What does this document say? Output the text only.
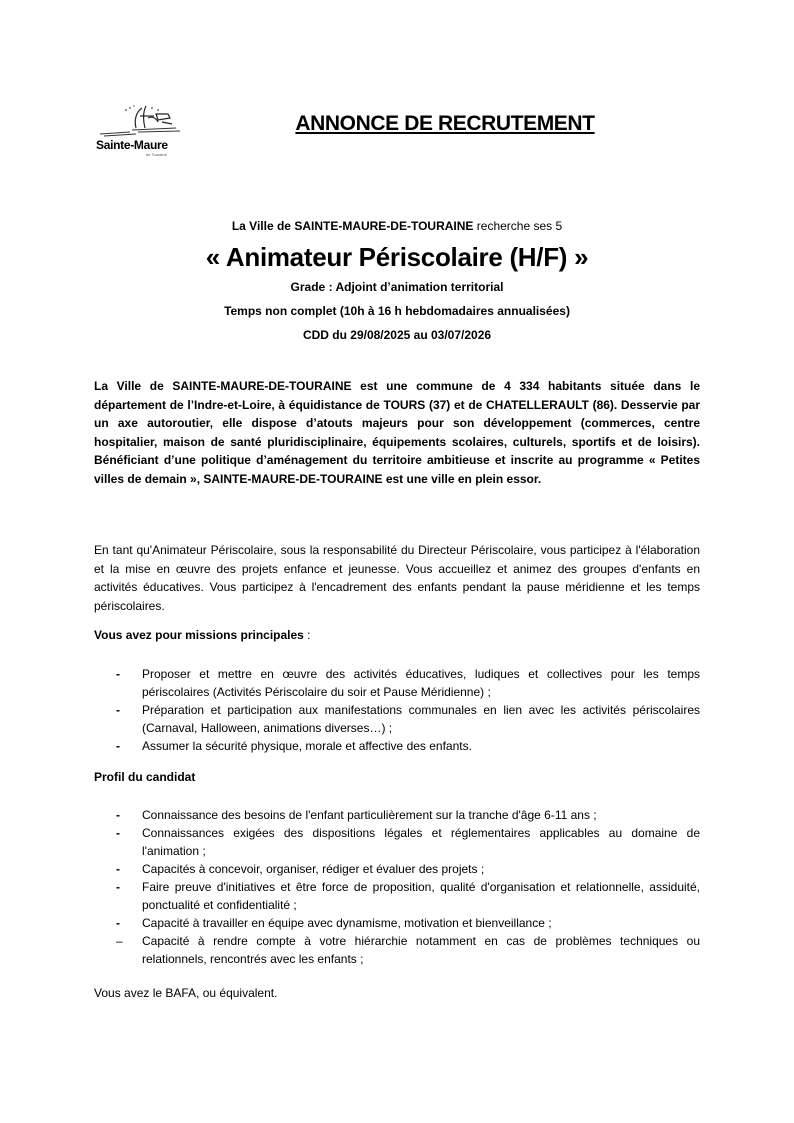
Sainte-Maure
de Touraine
ANNONCE DE RECRUTEMENT
La Ville de SAINTE-MAURE-DE-TOURAINE recherche ses 5
« Animateur Périscolaire (H/F) »
Grade : Adjoint d’animation territorial
Temps non complet (10h à 16 h hebdomadaires annualisées)
CDD du 29/08/2025 au 03/07/2026
La Ville de SAINTE-MAURE-DE-TOURAINE est une commune de 4 334 habitants située dans le département de l’Indre-et-Loire, à équidistance de TOURS (37) et de CHATELLERAULT (86). Desservie par un axe autoroutier, elle dispose d’atouts majeurs pour son développement (commerces, centre hospitalier, maison de santé pluridisciplinaire, équipements scolaires, culturels, sportifs et de loisirs). Bénéficiant d’une politique d’aménagement du territoire ambitieuse et inscrite au programme « Petites villes de demain », SAINTE-MAURE-DE-TOURAINE est une ville en plein essor.
En tant qu'Animateur Périscolaire, sous la responsabilité du Directeur Périscolaire, vous participez à l'élaboration et la mise en œuvre des projets enfance et jeunesse. Vous accueillez et animez des groupes d'enfants en activités éducatives. Vous participez à l'encadrement des enfants pendant la pause méridienne et les temps périscolaires.
Vous avez pour missions principales :
- Proposer et mettre en œuvre des activités éducatives, ludiques et collectives pour les temps périscolaires (Activités Périscolaire du soir et Pause Méridienne) ;
- Préparation et participation aux manifestations communales en lien avec les activités périscolaires (Carnaval, Halloween, animations diverses…) ;
- Assumer la sécurité physique, morale et affective des enfants.
Profil du candidat
- Connaissance des besoins de l'enfant particulièrement sur la tranche d'âge 6-11 ans ;
- Connaissances exigées des dispositions légales et réglementaires applicables au domaine de l'animation ;
- Capacités à concevoir, organiser, rédiger et évaluer des projets ;
- Faire preuve d'initiatives et être force de proposition, qualité d'organisation et relationnelle, assiduité, ponctualité et confidentialité ;
- Capacité à travailler en équipe avec dynamisme, motivation et bienveillance ;
– Capacité à rendre compte à votre hiérarchie notamment en cas de problèmes techniques ou relationnels, rencontrés avec les enfants ;
Vous avez le BAFA, ou équivalent.
